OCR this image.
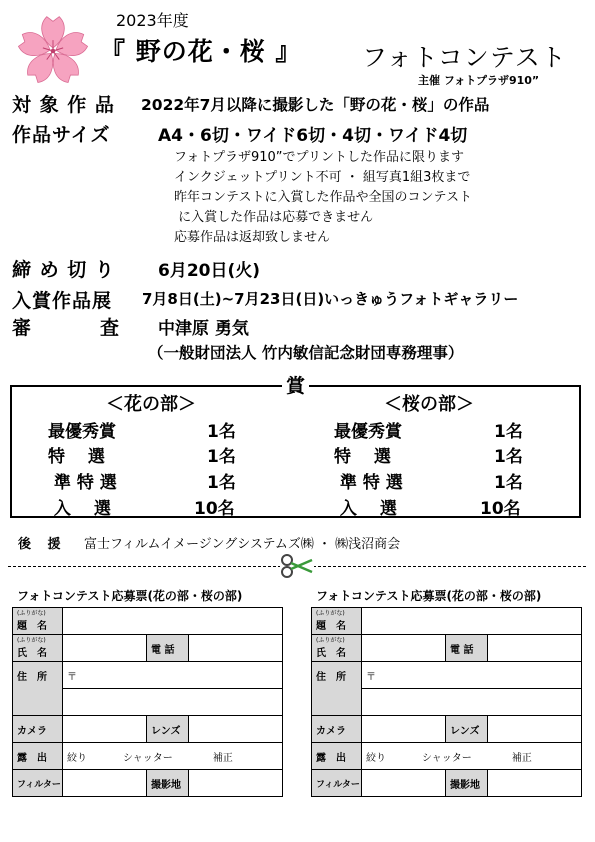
2023年度
『 野の花・桜 』 フォトコンテスト
主催 フォトプラザ910”
対 象 作 品 2022年7月以降に撮影した「野の花・桜」の作品
作品サイズ	A4・6切・ワイド6切・4切・ワイド4切
フォトプラザ910”でプリントした作品に限ります
インクジェットプリント不可 ・ 組写真1組3枚まで
昨年コンテストに入賞した作品や全国のコンテスト
に入賞した作品は応募できません
応募作品は返却致しません
締 め 切 り	6月20日(火)
入賞作品展 7月8日(土)~7月23日(日)いっきゅうフォトギャラリー
審	査 中津原 勇気
（一般財団法人 竹内敏信記念財団専務理事）
賞
＜花の部＞	＜桜の部＞
最優秀賞	1名
特　 選	1名
準 特 選	1名
入　 選	10名
最優秀賞	1名
特　 選	1名
準 特 選	1名
入　 選	10名
後 援 富士フィルムイメージングシステムズ㈱ ・ ㈱浅沼商会
フォトコンテスト応募票(花の部・桜の部)
(ふりがな)
題　名			

(ふりがな)
氏　名		電 話	
住　所	〒		

カメラ		レンズ	
露　出	絞り シャッター 補正		
フィルター		撮影地	
フォトコンテスト応募票(花の部・桜の部)
(ふりがな)
題　名			

(ふりがな)
氏　名		電 話	
住　所	〒		

カメラ		レンズ	
露　出	絞り シャッター 補正		
フィルター		撮影地	
